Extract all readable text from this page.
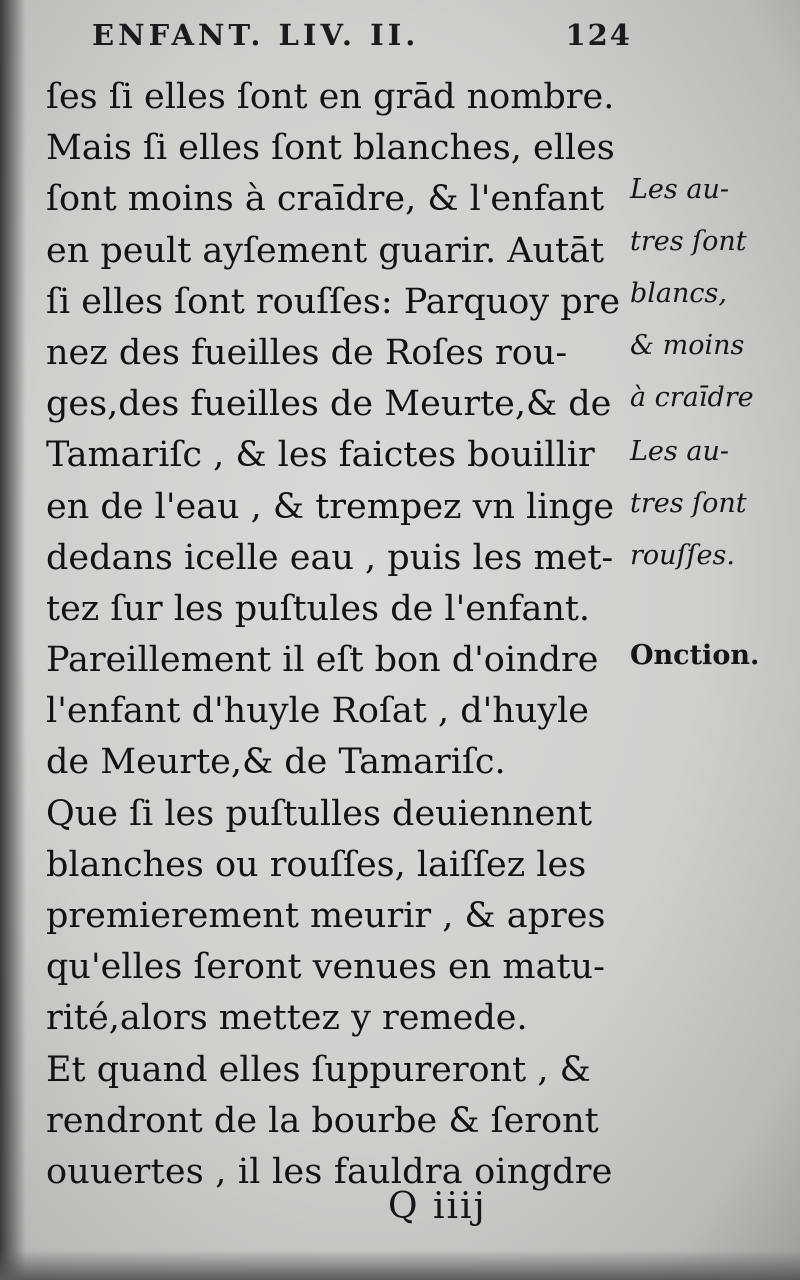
ENFANT. LIV. II.	124
ſes ſi elles ſont en grād nombre.
Mais ſi elles ſont blanches, elles
ſont moins à craīdre, & l'enfant
en peult ayſement guarir. Autāt
ſi elles ſont rouſſes: Parquoy pre
nez des fueilles de Roſes rou-
ges,des fueilles de Meurte,& de
Tamariſc , & les faictes bouillir
en de l'eau , & trempez vn linge
dedans icelle eau , puis les met-
tez ſur les puſtules de l'enfant.
Pareillement il eſt bon d'oindre
l'enfant d'huyle Roſat , d'huyle
de Meurte,& de Tamariſc.
Que ſi les puſtulles deuiennent
blanches ou rouſſes, laiſſez les
premierement meurir , & apres
qu'elles ſeront venues en matu-
rité,alors mettez y remede.
Et quand elles ſuppureront , &
rendront de la bourbe & ſeront
ouuertes , il les fauldra oingdre
Les au-
tres ſont
blancs,
& moins
à craīdre
Les au-
tres ſont
rouſſes.
Onction.
Q iiij
